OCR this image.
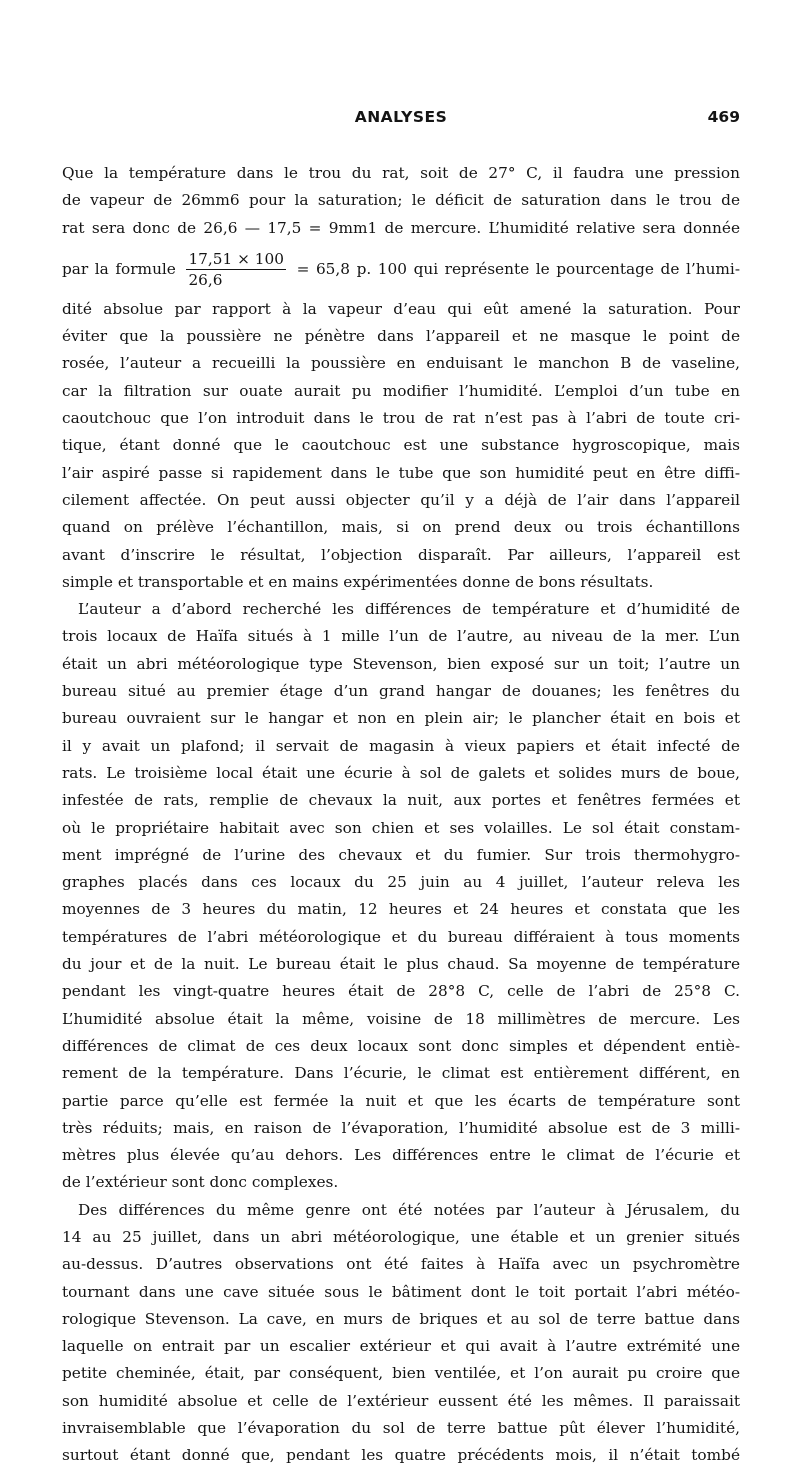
ANALYSES	469
Que la température dans le trou du rat, soit de 27° C, il faudra une pression
de vapeur de 26mm6 pour la saturation; le déficit de saturation dans le trou de
rat sera donc de 26,6 — 17,5 = 9mm1 de mercure. L’humidité relative sera donnée
par la formule $\frac{17,51 \times 100}{26,6} = 65,8$ p. 100 qui représente le pourcentage de l’humi-
dité absolue par rapport à la vapeur d’eau qui eût amené la saturation. Pour
éviter que la poussière ne pénètre dans l’appareil et ne masque le point de
rosée, l’auteur a recueilli la poussière en enduisant le manchon B de vaseline,
car la filtration sur ouate aurait pu modifier l’humidité. L’emploi d’un tube en
caoutchouc que l’on introduit dans le trou de rat n’est pas à l’abri de toute cri-
tique, étant donné que le caoutchouc est une substance hygroscopique, mais
l’air aspiré passe si rapidement dans le tube que son humidité peut en être diffi-
cilement affectée. On peut aussi objecter qu’il y a déjà de l’air dans l’appareil
quand on prélève l’échantillon, mais, si on prend deux ou trois échantillons
avant d’inscrire le résultat, l’objection disparaît. Par ailleurs, l’appareil est
simple et transportable et en mains expérimentées donne de bons résultats.
L’auteur a d’abord recherché les différences de température et d’humidité de
trois locaux de Haïfa situés à 1 mille l’un de l’autre, au niveau de la mer. L’un
était un abri météorologique type Stevenson, bien exposé sur un toit; l’autre un
bureau situé au premier étage d’un grand hangar de douanes; les fenêtres du
bureau ouvraient sur le hangar et non en plein air; le plancher était en bois et
il y avait un plafond; il servait de magasin à vieux papiers et était infecté de
rats. Le troisième local était une écurie à sol de galets et solides murs de boue,
infestée de rats, remplie de chevaux la nuit, aux portes et fenêtres fermées et
où le propriétaire habitait avec son chien et ses volailles. Le sol était constam-
ment imprégné de l’urine des chevaux et du fumier. Sur trois thermohygro-
graphes placés dans ces locaux du 25 juin au 4 juillet, l’auteur releva les
moyennes de 3 heures du matin, 12 heures et 24 heures et constata que les
températures de l’abri météorologique et du bureau différaient à tous moments
du jour et de la nuit. Le bureau était le plus chaud. Sa moyenne de température
pendant les vingt-quatre heures était de 28°8 C, celle de l’abri de 25°8 C.
L’humidité absolue était la même, voisine de 18 millimètres de mercure. Les
différences de climat de ces deux locaux sont donc simples et dépendent entiè-
rement de la température. Dans l’écurie, le climat est entièrement différent, en
partie parce qu’elle est fermée la nuit et que les écarts de température sont
très réduits; mais, en raison de l’évaporation, l’humidité absolue est de 3 milli-
mètres plus élevée qu’au dehors. Les différences entre le climat de l’écurie et
de l’extérieur sont donc complexes.
Des différences du même genre ont été notées par l’auteur à Jérusalem, du
14 au 25 juillet, dans un abri météorologique, une étable et un grenier situés
au-dessus. D’autres observations ont été faites à Haïfa avec un psychromètre
tournant dans une cave située sous le bâtiment dont le toit portait l’abri météo-
rologique Stevenson. La cave, en murs de briques et au sol de terre battue dans
laquelle on entrait par un escalier extérieur et qui avait à l’autre extrémité une
petite cheminée, était, par conséquent, bien ventilée, et l’on aurait pu croire que
son humidité absolue et celle de l’extérieur eussent été les mêmes. Il paraissait
invraisemblable que l’évaporation du sol de terre battue pût élever l’humidité,
surtout étant donné que, pendant les quatre précédents mois, il n’était tombé
